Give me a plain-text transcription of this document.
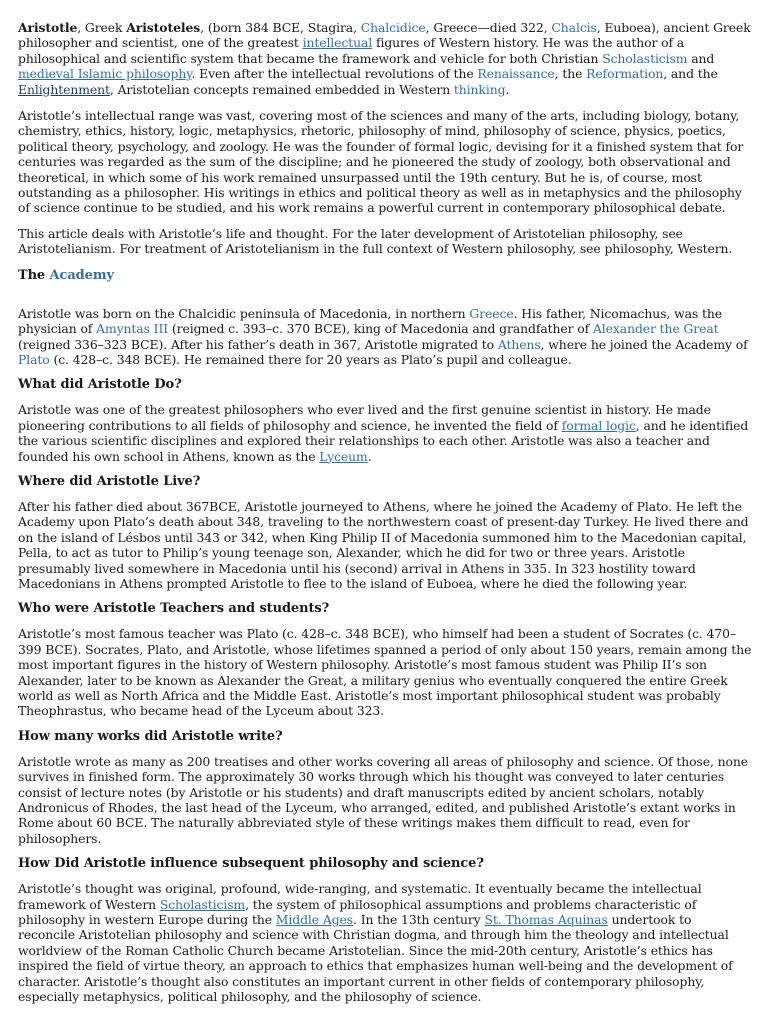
Aristotle, Greek Aristoteles, (born 384 BCE, Stagira, Chalcidice, Greece—died 322, Chalcis, Euboea), ancient Greek philosopher and scientist, one of the greatest intellectual figures of Western history. He was the author of a philosophical and scientific system that became the framework and vehicle for both Christian Scholasticism and medieval Islamic philosophy. Even after the intellectual revolutions of the Renaissance, the Reformation, and the Enlightenment, Aristotelian concepts remained embedded in Western thinking.

Aristotle’s intellectual range was vast, covering most of the sciences and many of the arts, including biology, botany, chemistry, ethics, history, logic, metaphysics, rhetoric, philosophy of mind, philosophy of science, physics, poetics, political theory, psychology, and zoology. He was the founder of formal logic, devising for it a finished system that for centuries was regarded as the sum of the discipline; and he pioneered the study of zoology, both observational and theoretical, in which some of his work remained unsurpassed until the 19th century. But he is, of course, most outstanding as a philosopher. His writings in ethics and political theory as well as in metaphysics and the philosophy of science continue to be studied, and his work remains a powerful current in contemporary philosophical debate.

This article deals with Aristotle’s life and thought. For the later development of Aristotelian philosophy, see Aristotelianism. For treatment of Aristotelianism in the full context of Western philosophy, see philosophy, Western.

The Academy

Aristotle was born on the Chalcidic peninsula of Macedonia, in northern Greece. His father, Nicomachus, was the physician of Amyntas III (reigned c. 393–c. 370 BCE), king of Macedonia and grandfather of Alexander the Great (reigned 336–323 BCE). After his father’s death in 367, Aristotle migrated to Athens, where he joined the Academy of Plato (c. 428–c. 348 BCE). He remained there for 20 years as Plato’s pupil and colleague.

What did Aristotle Do?

Aristotle was one of the greatest philosophers who ever lived and the first genuine scientist in history. He made pioneering contributions to all fields of philosophy and science, he invented the field of formal logic, and he identified the various scientific disciplines and explored their relationships to each other. Aristotle was also a teacher and founded his own school in Athens, known as the Lyceum.

Where did Aristotle Live?

After his father died about 367BCE, Aristotle journeyed to Athens, where he joined the Academy of Plato. He left the Academy upon Plato’s death about 348, traveling to the northwestern coast of present-day Turkey. He lived there and on the island of Lésbos until 343 or 342, when King Philip II of Macedonia summoned him to the Macedonian capital, Pella, to act as tutor to Philip’s young teenage son, Alexander, which he did for two or three years. Aristotle presumably lived somewhere in Macedonia until his (second) arrival in Athens in 335. In 323 hostility toward Macedonians in Athens prompted Aristotle to flee to the island of Euboea, where he died the following year.

Who were Aristotle Teachers and students?

Aristotle’s most famous teacher was Plato (c. 428–c. 348 BCE), who himself had been a student of Socrates (c. 470–399 BCE). Socrates, Plato, and Aristotle, whose lifetimes spanned a period of only about 150 years, remain among the most important figures in the history of Western philosophy. Aristotle’s most famous student was Philip II’s son Alexander, later to be known as Alexander the Great, a military genius who eventually conquered the entire Greek world as well as North Africa and the Middle East. Aristotle’s most important philosophical student was probably Theophrastus, who became head of the Lyceum about 323.

How many works did Aristotle write?

Aristotle wrote as many as 200 treatises and other works covering all areas of philosophy and science. Of those, none survives in finished form. The approximately 30 works through which his thought was conveyed to later centuries consist of lecture notes (by Aristotle or his students) and draft manuscripts edited by ancient scholars, notably Andronicus of Rhodes, the last head of the Lyceum, who arranged, edited, and published Aristotle’s extant works in Rome about 60 BCE. The naturally abbreviated style of these writings makes them difficult to read, even for philosophers.

How Did Aristotle influence subsequent philosophy and science?

Aristotle’s thought was original, profound, wide-ranging, and systematic. It eventually became the intellectual framework of Western Scholasticism, the system of philosophical assumptions and problems characteristic of philosophy in western Europe during the Middle Ages. In the 13th century St. Thomas Aquinas undertook to reconcile Aristotelian philosophy and science with Christian dogma, and through him the theology and intellectual worldview of the Roman Catholic Church became Aristotelian. Since the mid-20th century, Aristotle’s ethics has inspired the field of virtue theory, an approach to ethics that emphasizes human well-being and the development of character. Aristotle’s thought also constitutes an important current in other fields of contemporary philosophy, especially metaphysics, political philosophy, and the philosophy of science.
